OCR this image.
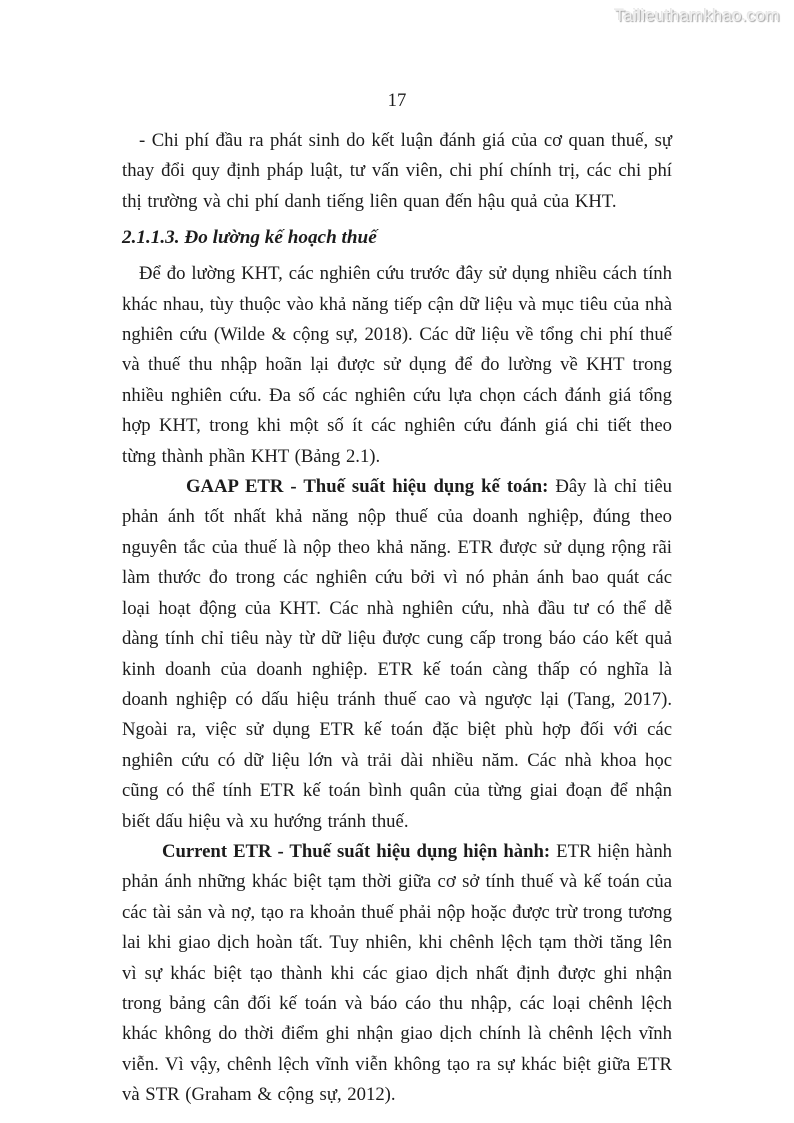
Tailieuthamkhao.com
17

- Chi phí đầu ra phát sinh do kết luận đánh giá của cơ quan thuế, sự thay đổi quy định pháp luật, tư vấn viên, chi phí chính trị, các chi phí thị trường và chi phí danh tiếng liên quan đến hậu quả của KHT.

2.1.1.3. Đo lường kế hoạch thuế

Để đo lường KHT, các nghiên cứu trước đây sử dụng nhiều cách tính khác nhau, tùy thuộc vào khả năng tiếp cận dữ liệu và mục tiêu của nhà nghiên cứu (Wilde & cộng sự, 2018). Các dữ liệu về tổng chi phí thuế và thuế thu nhập hoãn lại được sử dụng để đo lường về KHT trong nhiều nghiên cứu. Đa số các nghiên cứu lựa chọn cách đánh giá tổng hợp KHT, trong khi một số ít các nghiên cứu đánh giá chi tiết theo từng thành phần KHT (Bảng 2.1).

GAAP ETR - Thuế suất hiệu dụng kế toán: Đây là chỉ tiêu phản ánh tốt nhất khả năng nộp thuế của doanh nghiệp, đúng theo nguyên tắc của thuế là nộp theo khả năng. ETR được sử dụng rộng rãi làm thước đo trong các nghiên cứu bởi vì nó phản ánh bao quát các loại hoạt động của KHT. Các nhà nghiên cứu, nhà đầu tư có thể dễ dàng tính chỉ tiêu này từ dữ liệu được cung cấp trong báo cáo kết quả kinh doanh của doanh nghiệp. ETR kế toán càng thấp có nghĩa là doanh nghiệp có dấu hiệu tránh thuế cao và ngược lại (Tang, 2017). Ngoài ra, việc sử dụng ETR kế toán đặc biệt phù hợp đối với các nghiên cứu có dữ liệu lớn và trải dài nhiều năm. Các nhà khoa học cũng có thể tính ETR kế toán bình quân của từng giai đoạn để nhận biết dấu hiệu và xu hướng tránh thuế.

Current ETR - Thuế suất hiệu dụng hiện hành: ETR hiện hành phản ánh những khác biệt tạm thời giữa cơ sở tính thuế và kế toán của các tài sản và nợ, tạo ra khoản thuế phải nộp hoặc được trừ trong tương lai khi giao dịch hoàn tất. Tuy nhiên, khi chênh lệch tạm thời tăng lên vì sự khác biệt tạo thành khi các giao dịch nhất định được ghi nhận trong bảng cân đối kế toán và báo cáo thu nhập, các loại chênh lệch khác không do thời điểm ghi nhận giao dịch chính là chênh lệch vĩnh viễn. Vì vậy, chênh lệch vĩnh viễn không tạo ra sự khác biệt giữa ETR và STR (Graham & cộng sự, 2012).
